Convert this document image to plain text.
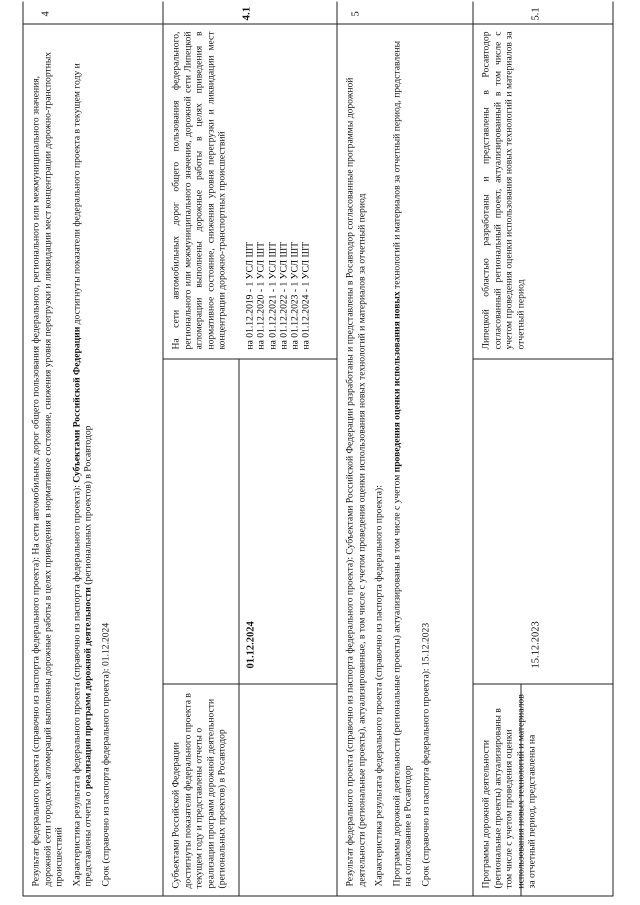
4

Результат федерального проекта (справочно из паспорта федерального проекта): На сети автомобильных дорог общего пользования федерального, регионального или межмуниципального значения, дорожной сети городских агломераций выполнены дорожные работы в целях приведения в нормативное состояние, снижения уровня перегрузки и ликвидации мест концентрации дорожно-транспортных происшествий Характеристика результата федерального проекта (справочно из паспорта федерального проекта): Субъектами Российской Федерации достигнуты показатели федерального проекта в текущем году и представлены отчеты о реализации программ дорожной деятельности (региональных проектов) в Росавтодор

Срок (справочно из паспорта федерального проекта): 01.12.2024

4.1
На сети автомобильных дорог общего пользования федерального, регионального или межмуниципального значения, дорожной сети Липецкой агломерации выполнены дорожные работы в целях приведения в нормативное состояние, снижения уровня перегрузки и ликвидации мест концентрации дорожно-транспортных происшествий на 01.12.2019 - 1 УСЛ ШТ на 01.12.2020 - 1 УСЛ ШТ на 01.12.2021 - 1 УСЛ ШТ на 01.12.2022 - 1 УСЛ ШТ на 01.12.2023 - 1 УСЛ ШТ на 01.12.2024 - 1 УСЛ ШТ
01.12.2024
Субъектами Российской Федерации достигнуты показатели федерального проекта в текущем году и представлены отчеты о реализации программ дорожной деятельности (региональных проектов) в Росавтодор
5

Результат федерального проекта (справочно из паспорта федерального проекта): Субъектами Российской Федерации разработаны и представлены в Росавтодор согласованные программы дорожной деятельности (региональные проекты), актуализированные, в том числе с учетом проведения оценки использования новых технологий и материалов за отчетный период Характеристика результата федерального проекта (справочно из паспорта федерального проекта): Программы дорожной деятельности (региональные проекты) актуализированы в том числе с учетом проведения оценки использования новых технологий и материалов за отчетный период, представлены на согласование в Росавтодор Срок (справочно из паспорта федерального проекта): 15.12.2023

5.1
Липецкой областью разработаны и представлены в Росавтодор согласованный региональный проект, актуализированный в том числе с учетом проведения оценки использования новых технологий и материалов за отчетный период
15.12.2023
Программы дорожной деятельности (региональные проекты) актуализированы в том числе с учетом проведения оценки использования новых технологий и материалов за отчетный период, представлены на
